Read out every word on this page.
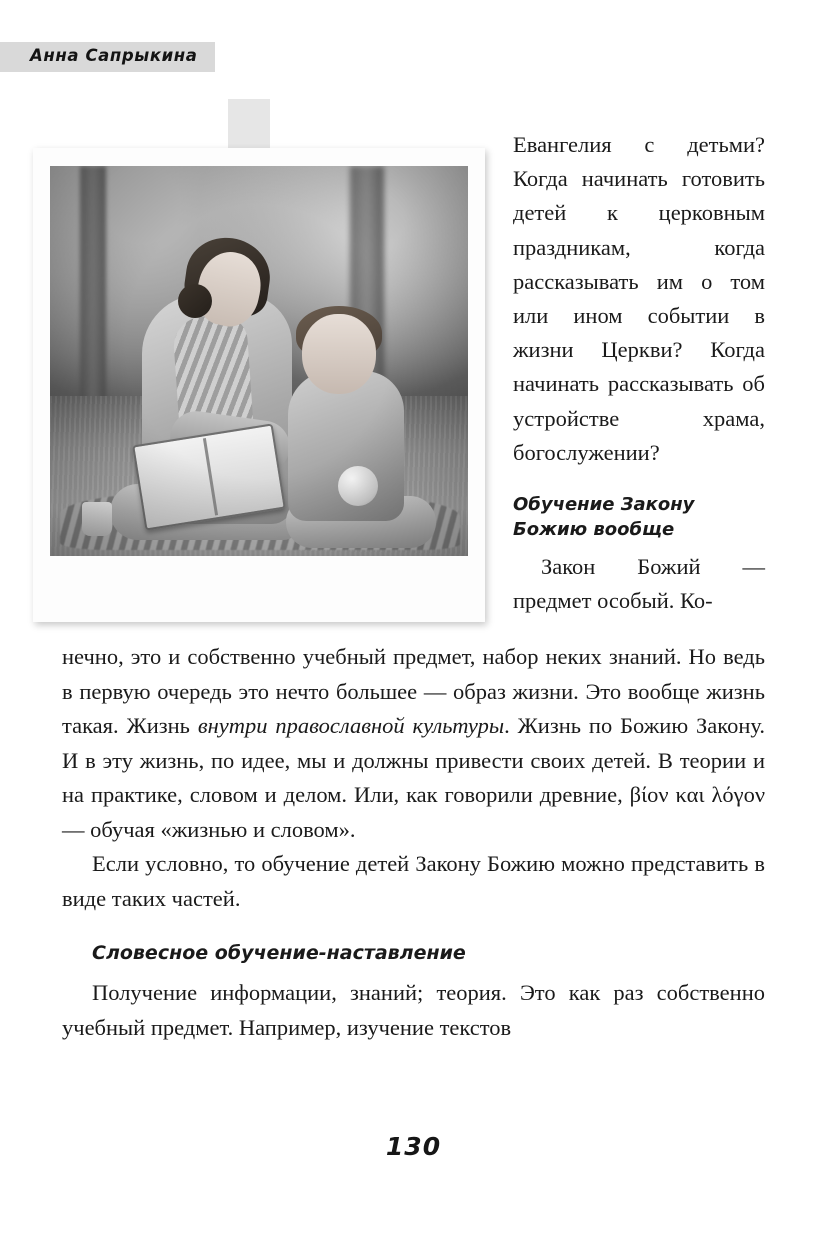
Анна Сапрыкина

Евангелия с детьми? Когда начинать готовить детей к церковным праздникам, когда рассказывать им о том или ином событии в жизни Церкви? Когда начинать рассказывать об устройстве храма, богослужении?

Обучение Закону Божию вообще

Закон Божий — предмет особый. Ко-

нечно, это и собственно учебный предмет, набор неких знаний. Но ведь в первую очередь это нечто большее — образ жизни. Это вообще жизнь такая. Жизнь внутри православной культуры. Жизнь по Божию Закону. И в эту жизнь, по идее, мы и должны привести своих детей. В теории и на практике, словом и делом. Или, как говорили древние, βίον και λόγον — обучая «жизнью и словом».

Если условно, то обучение детей Закону Божию можно представить в виде таких частей.

Словесное обучение-наставление

Получение информации, знаний; теория. Это как раз собственно учебный предмет. Например, изучение текстов

130
